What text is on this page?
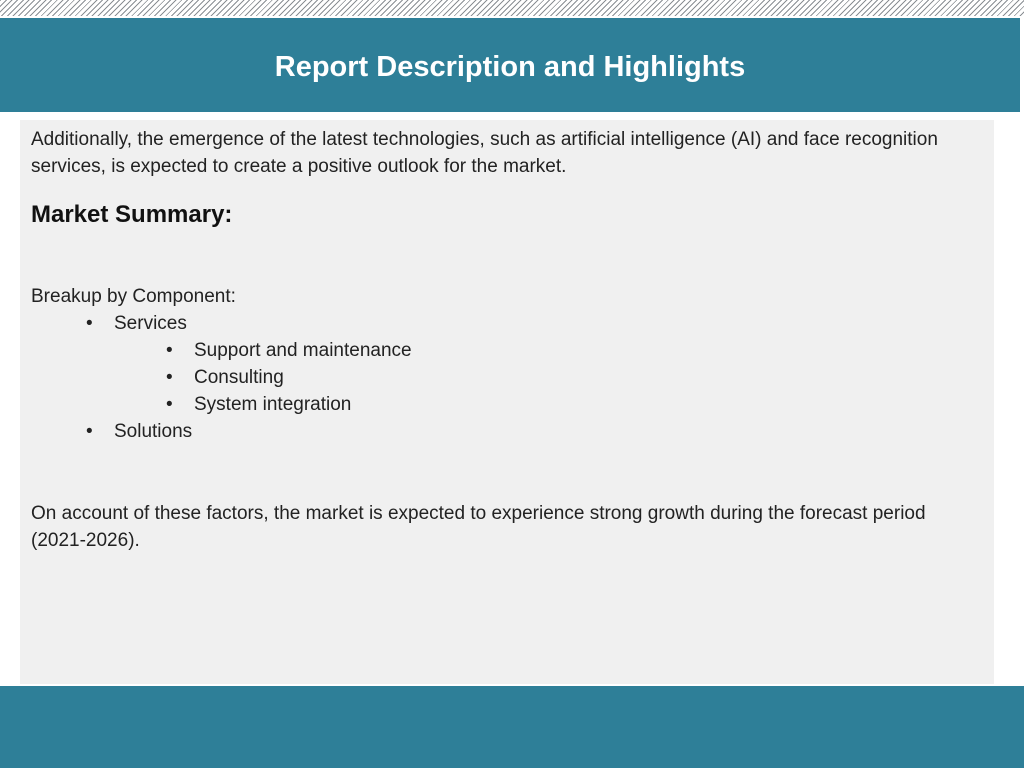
Report Description and Highlights

Additionally, the emergence of the latest technologies, such as artificial intelligence (AI) and face recognition services, is expected to create a positive outlook for the market.

Market Summary:

Breakup by Component:

•	Services
•	Support and maintenance
•	Consulting
•	System integration
•	Solutions

On account of these factors, the market is expected to experience strong growth during the forecast period (2021-2026).
